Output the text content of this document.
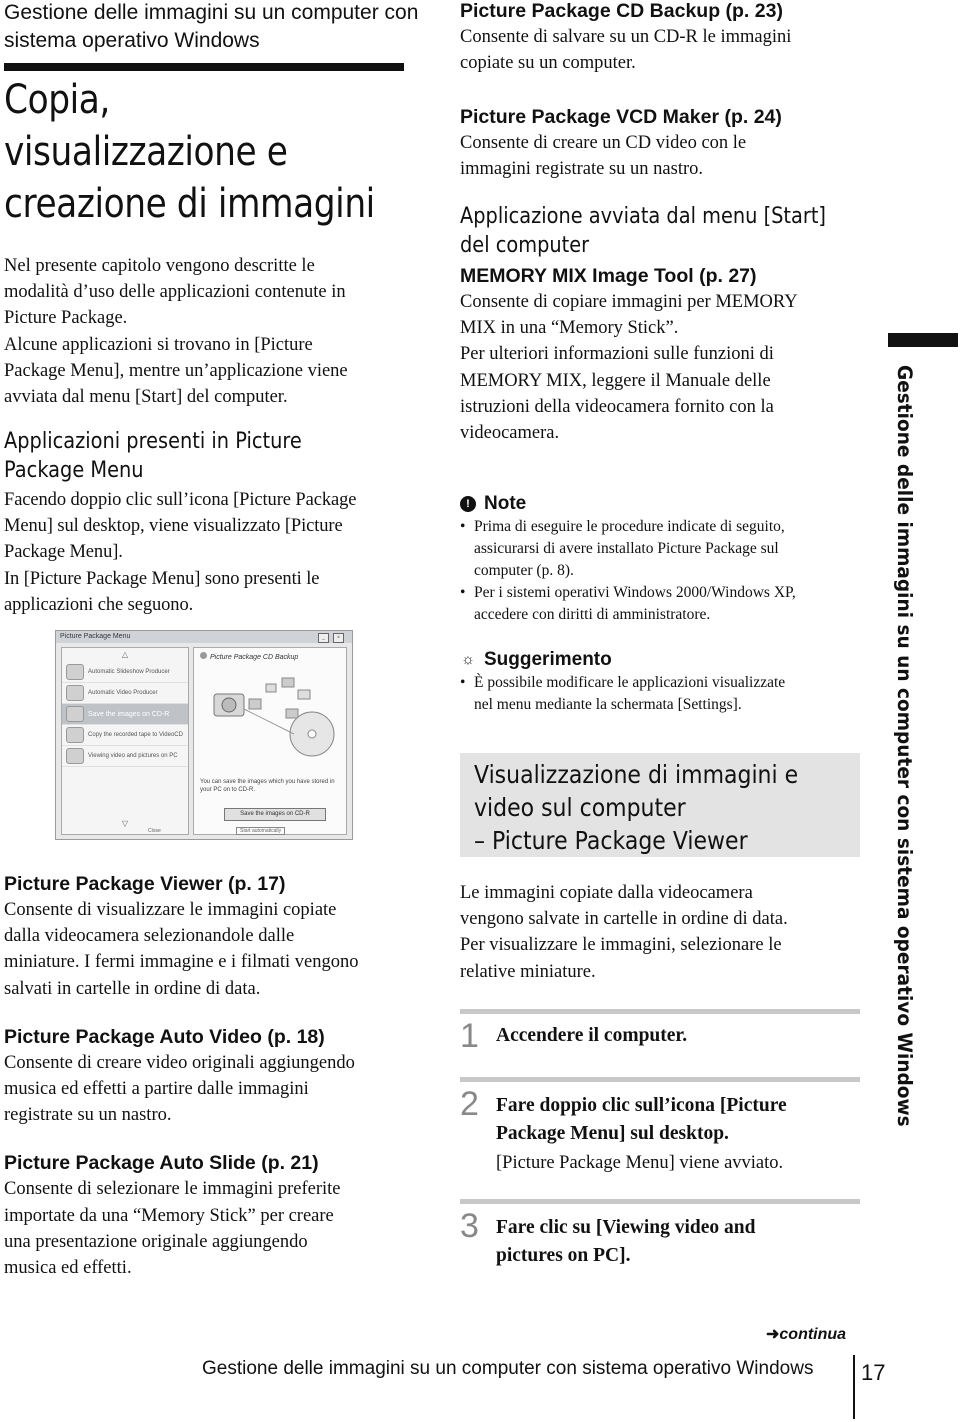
Gestione delle immagini su un computer con

sistema operativo Windows

Copia,

visualizzazione e

creazione di immagini

Nel presente capitolo vengono descritte le

modalità d’uso delle applicazioni contenute in

Picture Package.

Alcune applicazioni si trovano in [Picture

Package Menu], mentre un’applicazione viene

avviata dal menu [Start] del computer.

Applicazioni presenti in Picture

Package Menu

Facendo doppio clic sull’icona [Picture Package

Menu] sul desktop, viene visualizzato [Picture

Package Menu].

In [Picture Package Menu] sono presenti le

applicazioni che seguono.

Picture Package Menu	_	×
△
Automatic Slideshow Producer
Automatic Video Producer
Save the images on CD-R
Copy the recorded tape to VideoCD
Viewing video and pictures on PC
▽
Picture Package CD Backup
You can save the images which you have stored in your PC on to CD-R.
Save the images on CD-R
Close	Start automatically

Picture Package Viewer (p. 17)

Consente di visualizzare le immagini copiate

dalla videocamera selezionandole dalle

miniature. I fermi immagine e i filmati vengono

salvati in cartelle in ordine di data.

Picture Package Auto Video (p. 18)

Consente di creare video originali aggiungendo

musica ed effetti a partire dalle immagini

registrate su un nastro.

Picture Package Auto Slide (p. 21)

Consente di selezionare le immagini preferite

importate da una “Memory Stick” per creare

una presentazione originale aggiungendo

musica ed effetti.

Picture Package CD Backup (p. 23)

Consente di salvare su un CD-R le immagini

copiate su un computer.

Picture Package VCD Maker (p. 24)

Consente di creare un CD video con le

immagini registrate su un nastro.

Applicazione avviata dal menu [Start]

del computer

MEMORY MIX Image Tool (p. 27)

Consente di copiare immagini per MEMORY

MIX in una “Memory Stick”.

Per ulteriori informazioni sulle funzioni di

MEMORY MIX, leggere il Manuale delle

istruzioni della videocamera fornito con la

videocamera.

! Note

• Prima di eseguire le procedure indicate di seguito,

assicurarsi di avere installato Picture Package sul

computer (p. 8).

• Per i sistemi operativi Windows 2000/Windows XP,

accedere con diritti di amministratore.

☼ Suggerimento

• È possibile modificare le applicazioni visualizzate

nel menu mediante la schermata [Settings].

Visualizzazione di immagini e

video sul computer

– Picture Package Viewer

Le immagini copiate dalla videocamera

vengono salvate in cartelle in ordine di data.

Per visualizzare le immagini, selezionare le

relative miniature.

1 Accendere il computer.

2 Fare doppio clic sull’icona [Picture

Package Menu] sul desktop.

[Picture Package Menu] viene avviato.

3 Fare clic su [Viewing video and

pictures on PC].

Gestione delle immagini su un computer con sistema operativo Windows
➜continua
Gestione delle immagini su un computer con sistema operativo Windows 17
